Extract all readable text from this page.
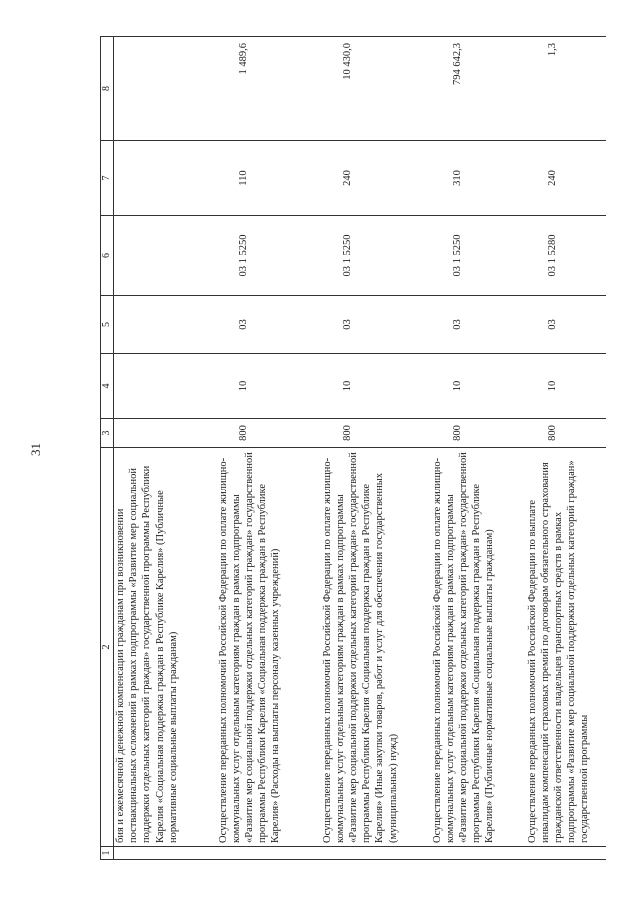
31
1	2	3	4	5	6	7	8

	бия и ежемесячной денежной компенсации гражданам при возникновении поствакцинальных осложнений в рамках подпрограммы «Развитие мер социальной поддержки отдельных категорий граждан» государственной программы Республики Карелия «Социальная поддержка граждан в Республике Карелия» (Публичные нормативные социальные выплаты гражданам)						

	Осуществление переданных полномочий Российской Федерации по оплате жилищно-коммунальных услуг отдельным категориям граждан в рамках подпрограммы «Развитие мер социальной поддержки отдельных категорий граждан» государственной программы Республики Карелия «Социальная поддержка граждан в Республике Карелия» (Расходы на выплаты персоналу казенных учреждений)	800	10	03	03 1 5250	110	1 489,6

	Осуществление переданных полномочий Российской Федерации по оплате жилищно-коммунальных услуг отдельным категориям граждан в рамках подпрограммы «Развитие мер социальной поддержки отдельных категорий граждан» государственной программы Республики Карелия «Социальная поддержка граждан в Республике Карелия» (Иные закупки товаров, работ и услуг для обеспечения государственных (муниципальных) нужд)	800	10	03	03 1 5250	240	10 430,0

	Осуществление переданных полномочий Российской Федерации по оплате жилищно-коммунальных услуг отдельным категориям граждан в рамках подпрограммы «Развитие мер социальной поддержки отдельных категорий граждан» государственной программы Республики Карелия «Социальная поддержка граждан в Республике Карелия» (Публичные нормативные социальные выплаты гражданам)	800	10	03	03 1 5250	310	794 642,3

	Осуществление переданных полномочий Российской Федерации по выплате инвалидам компенсаций страховых премий по договорам обязательного страхования гражданской ответственности владельцев транспортных средств в рамках подпрограммы «Развитие мер социальной поддержки отдельных категорий граждан» государственной программы	800	10	03	03 1 5280	240	1,3
